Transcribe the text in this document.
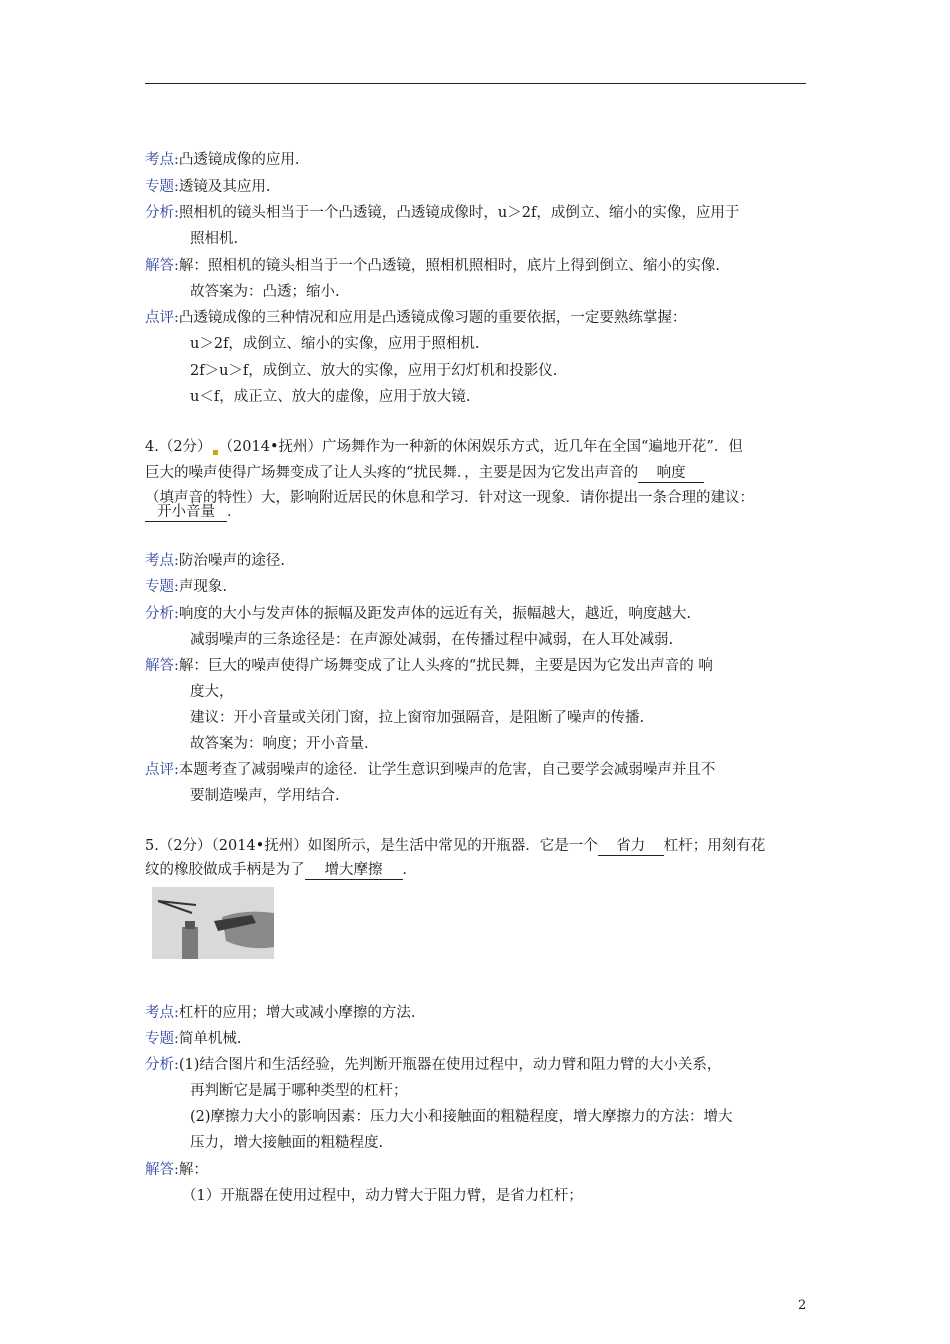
考点:凸透镜成像的应用.
专题:透镜及其应用.
分析:照相机的镜头相当于一个凸透镜，凸透镜成像时，u＞2f，成倒立、缩小的实像，应用于
照相机.
解答:解：照相机的镜头相当于一个凸透镜，照相机照相时，底片上得到倒立、缩小的实像.
故答案为：凸透；缩小.
点评:凸透镜成像的三种情况和应用是凸透镜成像习题的重要依据，一定要熟练掌握：
u＞2f，成倒立、缩小的实像，应用于照相机.
2f＞u＞f，成倒立、放大的实像，应用于幻灯机和投影仪.
u＜f，成正立、放大的虚像，应用于放大镜.
4.（2分） （2014•抚州）广场舞作为一种新的休闲娱乐方式，近几年在全国“遍地开花”．但
巨大的噪声使得广场舞变成了让人头疼的“扰民舞．，主要是因为它发出声音的 响度
（填声音的特性）大，影响附近居民的休息和学习．针对这一现象．请你提出一条合理的建议：
开小音量 ．
考点:防治噪声的途径.
专题:声现象.
分析:响度的大小与发声体的振幅及距发声体的远近有关，振幅越大，越近，响度越大.
减弱噪声的三条途径是：在声源处减弱，在传播过程中减弱，在人耳处减弱.
解答:解：巨大的噪声使得广场舞变成了让人头疼的“扰民舞，主要是因为它发出声音的 响
度大，
建议：开小音量或关闭门窗，拉上窗帘加强隔音，是阻断了噪声的传播.
故答案为：响度；开小音量.
点评:本题考查了减弱噪声的途径．让学生意识到噪声的危害，自己要学会减弱噪声并且不
要制造噪声，学用结合.
5.（2分）（2014•抚州）如图所示，是生活中常见的开瓶器．它是一个 省力 杠杆；用刻有花
纹的橡胶做成手柄是为了 增大摩擦 ．
考点:杠杆的应用；增大或减小摩擦的方法.
专题:简单机械.
分析:(1)结合图片和生活经验，先判断开瓶器在使用过程中，动力臂和阻力臂的大小关系，
再判断它是属于哪种类型的杠杆；
(2)摩擦力大小的影响因素：压力大小和接触面的粗糙程度，增大摩擦力的方法：增大
压力，增大接触面的粗糙程度.
解答:解：
（1）开瓶器在使用过程中，动力臂大于阻力臂，是省力杠杆；
2
